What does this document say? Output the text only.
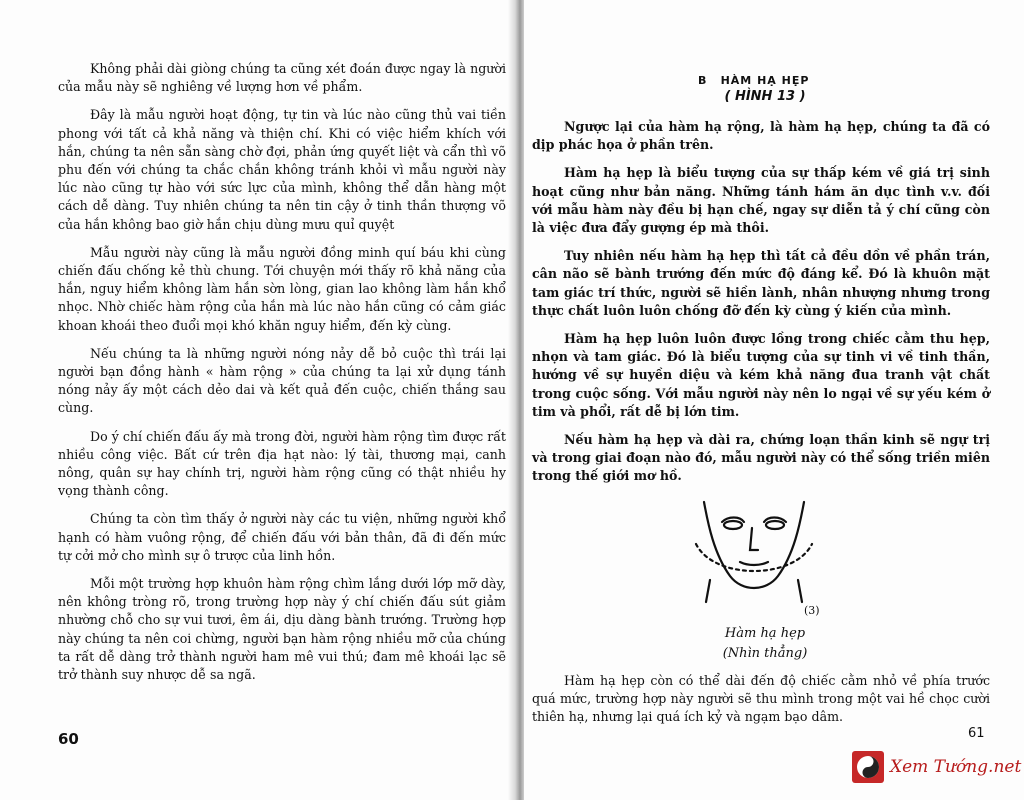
Không phải dài giòng chúng ta cũng xét đoán được ngay là người của mẫu này sẽ nghiêng về lượng hơn về phẩm.

Đây là mẫu người hoạt động, tự tin và lúc nào cũng thủ vai tiền phong với tất cả khả năng và thiện chí. Khi có việc hiểm khích với hắn, chúng ta nên sẵn sàng chờ đợi, phản ứng quyết liệt và cẩn thì võ phu đến với chúng ta chắc chắn không tránh khỏi vì mẫu người này lúc nào cũng tự hào với sức lực của mình, không thể dẫn hàng một cách dễ dàng. Tuy nhiên chúng ta nên tin cậy ở tinh thần thượng võ của hắn không bao giờ hắn chịu dùng mưu quỉ quyệt

Mẫu người này cũng là mẫu người đồng minh quí báu khi cùng chiến đấu chống kẻ thù chung. Tới chuyện mới thấy rõ khả năng của hắn, nguy hiểm không làm hắn sờn lòng, gian lao không làm hắn khổ nhọc. Nhờ chiếc hàm rộng của hắn mà lúc nào hắn cũng có cảm giác khoan khoái theo đuổi mọi khó khăn nguy hiểm, đến kỳ cùng.

Nếu chúng ta là những người nóng nảy dễ bỏ cuộc thì trái lại người bạn đồng hành « hàm rộng » của chúng ta lại xử dụng tánh nóng nảy ấy một cách dẻo dai và kết quả đến cuộc, chiến thắng sau cùng.

Do ý chí chiến đấu ấy mà trong đời, người hàm rộng tìm được rất nhiều công việc. Bất cứ trên địa hạt nào: lý tài, thương mại, canh nông, quân sự hay chính trị, người hàm rộng cũng có thật nhiều hy vọng thành công.

Chúng ta còn tìm thấy ở người này các tu viện, những người khổ hạnh có hàm vuông rộng, để chiến đấu với bản thân, đã đi đến mức tự cởi mở cho mình sự ô trược của linh hồn.

Mỗi một trường hợp khuôn hàm rộng chìm lắng dưới lớp mỡ dày, nên không tròng rõ, trong trường hợp này ý chí chiến đấu sút giảm nhường chỗ cho sự vui tươi, êm ái, dịu dàng bành trướng. Trường hợp này chúng ta nên coi chừng, người bạn hàm rộng nhiều mỡ của chúng ta rất dễ dàng trở thành người ham mê vui thú; đam mê khoái lạc sẽ trở thành suy nhược dễ sa ngã.

60
B	HÀM HẠ HẸP
( HÌNH 13 )

Ngược lại của hàm hạ rộng, là hàm hạ hẹp, chúng ta đã có dịp phác họa ở phần trên.

Hàm hạ hẹp là biểu tượng của sự thấp kém về giá trị sinh hoạt cũng như bản năng. Những tánh hám ăn dục tình v.v. đối với mẫu hàm này đều bị hạn chế, ngay sự diễn tả ý chí cũng còn là việc đưa đẩy gượng ép mà thôi.

Tuy nhiên nếu hàm hạ hẹp thì tất cả đều dồn về phần trán, cân não sẽ bành trướng đến mức độ đáng kể. Đó là khuôn mặt tam giác trí thức, người sẽ hiền lành, nhân nhượng nhưng trong thực chất luôn luôn chống đỡ đến kỳ cùng ý kiến của mình.

Hàm hạ hẹp luôn luôn được lồng trong chiếc cằm thu hẹp, nhọn và tam giác. Đó là biểu tượng của sự tinh vi về tinh thần, hướng về sự huyền diệu và kém khả năng đua tranh vật chất trong cuộc sống. Với mẫu người này nên lo ngại về sự yếu kém ở tim và phổi, rất dễ bị lớn tim.

Nếu hàm hạ hẹp và dài ra, chứng loạn thần kinh sẽ ngự trị và trong giai đoạn nào đó, mẫu người này có thể sống triền miên trong thế giới mơ hồ.

(3)
Hàm hạ hẹp
(Nhìn thẳng)

Hàm hạ hẹp còn có thể dài đến độ chiếc cằm nhỏ về phía trước quá mức, trường hợp này người sẽ thu mình trong một vai hề chọc cười thiên hạ, nhưng lại quá ích kỷ và ngạm bạo dâm.

61
Xem Tướng.net
